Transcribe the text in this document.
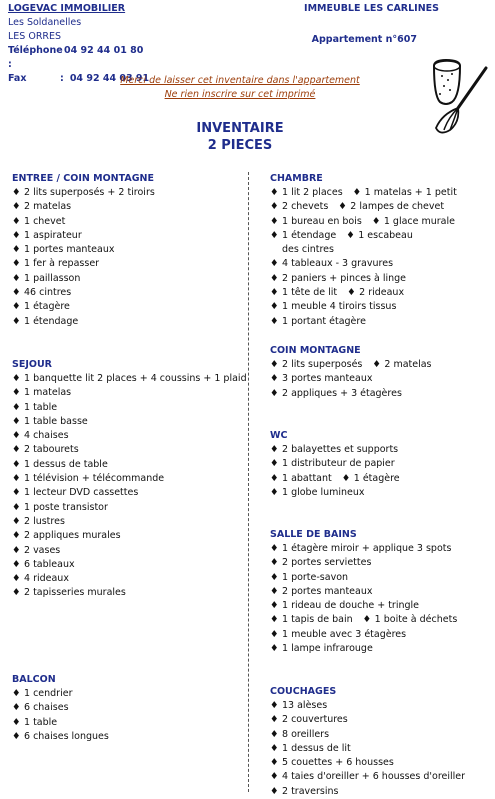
LOGEVAC IMMOBILIER
Les Soldanelles
LES ORRES
Téléphone :
04 92 44 01 80
Fax	: 04 92 44 03 91
IMMEUBLE LES CARLINES
Appartement n°607
Merci de laisser cet inventaire dans l'appartement
Ne rien inscrire sur cet imprimé
INVENTAIRE
2 PIECES
ENTREE / COIN MONTAGNE
♦ 2 lits superposés + 2 tiroirs
♦ 2 matelas
♦ 1 chevet
♦ 1 aspirateur
♦ 1 portes manteaux
♦ 1 fer à repasser
♦ 1 paillasson
♦ 46 cintres
♦ 1 étagère
♦ 1 étendage
SEJOUR
♦ 1 banquette lit 2 places + 4 coussins + 1 plaid
♦ 1 matelas
♦ 1 table
♦ 1 table basse
♦ 4 chaises
♦ 2 tabourets
♦ 1 dessus de table
♦ 1 télévision + télécommande
♦ 1 lecteur DVD cassettes
♦ 1 poste transistor
♦ 2 lustres
♦ 2 appliques murales
♦ 2 vases
♦ 6 tableaux
♦ 4 rideaux
♦ 2 tapisseries murales
BALCON
♦ 1 cendrier
♦ 6 chaises
♦ 1 table
♦ 6 chaises longues
CHAMBRE
♦ 1 lit 2 places ♦ 1 matelas + 1 petit
♦ 2 chevets ♦ 2 lampes de chevet
♦ 1 bureau en bois ♦ 1 glace murale
♦ 1 étendage ♦ 1 escabeau
des cintres
♦ 4 tableaux - 3 gravures
♦ 2 paniers + pinces à linge
♦ 1 tête de lit ♦ 2 rideaux
♦ 1 meuble 4 tiroirs tissus
♦ 1 portant étagère
COIN MONTAGNE
♦ 2 lits superposés ♦ 2 matelas
♦ 3 portes manteaux
♦ 2 appliques + 3 étagères
WC
♦ 2 balayettes et supports
♦ 1 distributeur de papier
♦ 1 abattant ♦ 1 étagère
♦ 1 globe lumineux
SALLE DE BAINS
♦ 1 étagère miroir + applique 3 spots
♦ 2 portes serviettes
♦ 1 porte-savon
♦ 2 portes manteaux
♦ 1 rideau de douche + tringle
♦ 1 tapis de bain ♦ 1 boite à déchets
♦ 1 meuble avec 3 étagères
♦ 1 lampe infrarouge
COUCHAGES
♦ 13 alèses
♦ 2 couvertures
♦ 8 oreillers
♦ 1 dessus de lit
♦ 5 couettes + 6 housses
♦ 4 taies d'oreiller + 6 housses d'oreiller
♦ 2 traversins
